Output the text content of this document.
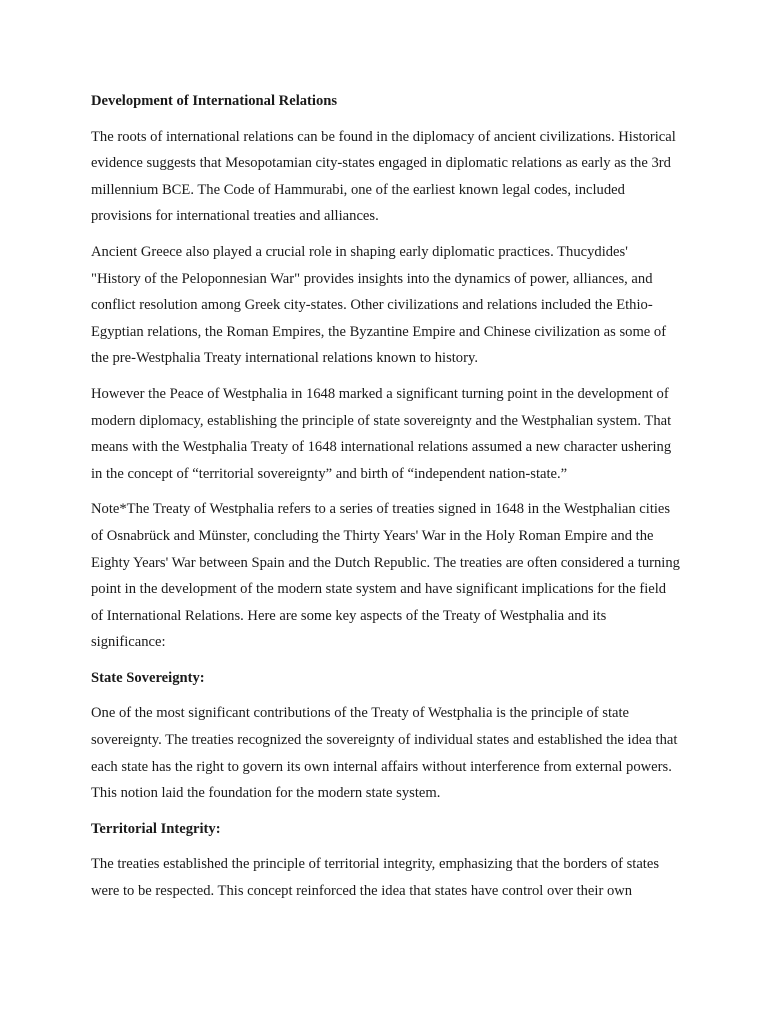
Development of International Relations
The roots of international relations can be found in the diplomacy of ancient civilizations. Historical evidence suggests that Mesopotamian city-states engaged in diplomatic relations as early as the 3rd millennium BCE. The Code of Hammurabi, one of the earliest known legal codes, included provisions for international treaties and alliances.
Ancient Greece also played a crucial role in shaping early diplomatic practices. Thucydides' "History of the Peloponnesian War" provides insights into the dynamics of power, alliances, and conflict resolution among Greek city-states. Other civilizations and relations included the Ethio-Egyptian relations, the Roman Empires, the Byzantine Empire and Chinese civilization as some of the pre-Westphalia Treaty international relations known to history.
However the Peace of Westphalia in 1648 marked a significant turning point in the development of modern diplomacy, establishing the principle of state sovereignty and the Westphalian system. That means with the Westphalia Treaty of 1648 international relations assumed a new character ushering in the concept of “territorial sovereignty” and birth of “independent nation-state.”
Note*The Treaty of Westphalia refers to a series of treaties signed in 1648 in the Westphalian cities of Osnabrück and Münster, concluding the Thirty Years' War in the Holy Roman Empire and the Eighty Years' War between Spain and the Dutch Republic. The treaties are often considered a turning point in the development of the modern state system and have significant implications for the field of International Relations. Here are some key aspects of the Treaty of Westphalia and its significance:
State Sovereignty:
One of the most significant contributions of the Treaty of Westphalia is the principle of state sovereignty. The treaties recognized the sovereignty of individual states and established the idea that each state has the right to govern its own internal affairs without interference from external powers. This notion laid the foundation for the modern state system.
Territorial Integrity:
The treaties established the principle of territorial integrity, emphasizing that the borders of states were to be respected. This concept reinforced the idea that states have control over their own
